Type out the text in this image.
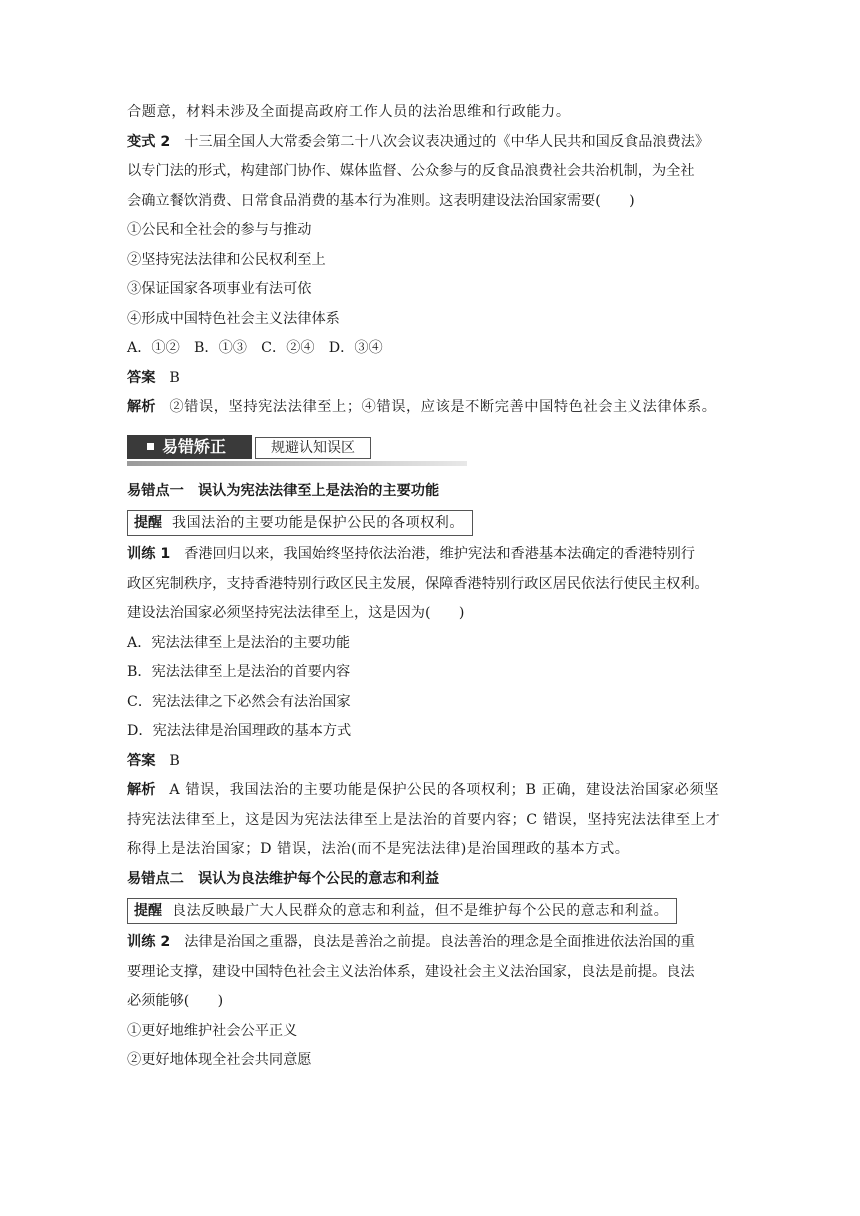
合题意，材料未涉及全面提高政府工作人员的法治思维和行政能力。
变式 2 十三届全国人大常委会第二十八次会议表决通过的《中华人民共和国反食品浪费法》
以专门法的形式，构建部门协作、媒体监督、公众参与的反食品浪费社会共治机制，为全社
会确立餐饮消费、日常食品消费的基本行为准则。这表明建设法治国家需要(　　)
①公民和全社会的参与与推动
②坚持宪法法律和公民权利至上
③保证国家各项事业有法可依
④形成中国特色社会主义法律体系
A．①②　B．①③　C．②④　D．③④
答案 B
解析 ②错误，坚持宪法法律至上；④错误，应该是不断完善中国特色社会主义法律体系。
易错矫正	规避认知误区
易错点一　误认为宪法法律至上是法治的主要功能
提醒 我国法治的主要功能是保护公民的各项权利。
训练 1 香港回归以来，我国始终坚持依法治港，维护宪法和香港基本法确定的香港特别行
政区宪制秩序，支持香港特别行政区民主发展，保障香港特别行政区居民依法行使民主权利。
建设法治国家必须坚持宪法法律至上，这是因为(　　)
A．宪法法律至上是法治的主要功能
B．宪法法律至上是法治的首要内容
C．宪法法律之下必然会有法治国家
D．宪法法律是治国理政的基本方式
答案 B
解析 A 错误，我国法治的主要功能是保护公民的各项权利；B 正确，建设法治国家必须坚
持宪法法律至上，这是因为宪法法律至上是法治的首要内容；C 错误，坚持宪法法律至上才
称得上是法治国家；D 错误，法治(而不是宪法法律)是治国理政的基本方式。
易错点二　误认为良法维护每个公民的意志和利益
提醒 良法反映最广大人民群众的意志和利益，但不是维护每个公民的意志和利益。
训练 2 法律是治国之重器，良法是善治之前提。良法善治的理念是全面推进依法治国的重
要理论支撑，建设中国特色社会主义法治体系，建设社会主义法治国家，良法是前提。良法
必须能够(　　)
①更好地维护社会公平正义
②更好地体现全社会共同意愿
